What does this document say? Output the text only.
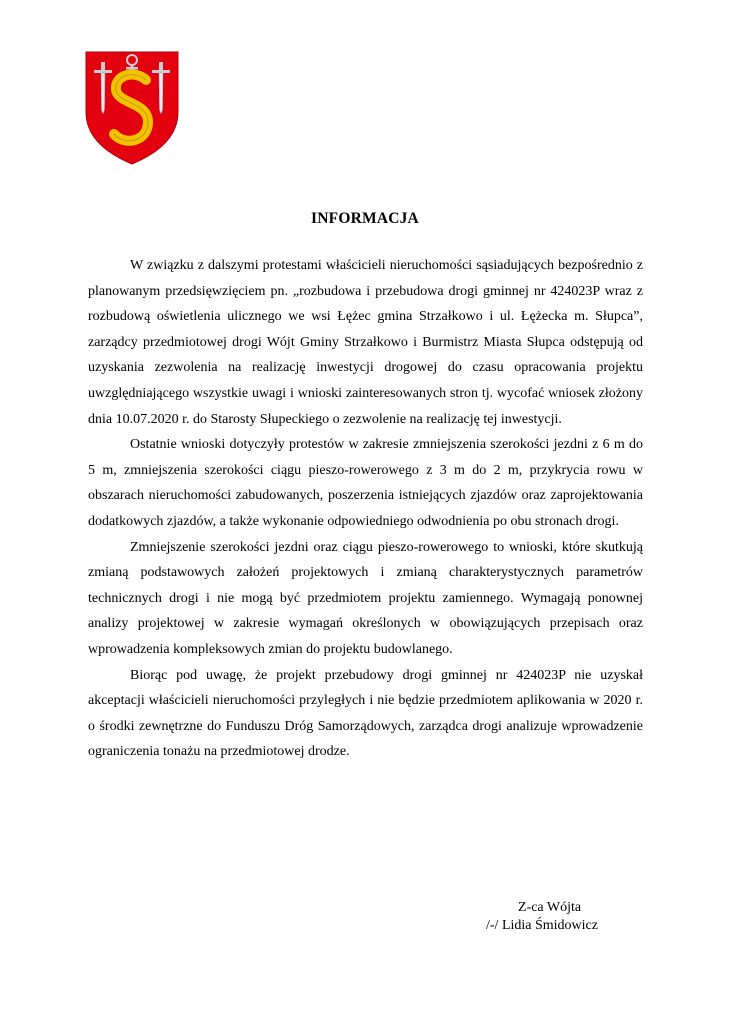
INFORMACJA

W związku z dalszymi protestami właścicieli nieruchomości sąsiadujących bezpośrednio z planowanym przedsięwzięciem pn. „rozbudowa i przebudowa drogi gminnej nr 424023P wraz z rozbudową oświetlenia ulicznego we wsi Łężec gmina Strzałkowo i ul. Łężecka m. Słupca”, zarządcy przedmiotowej drogi Wójt Gminy Strzałkowo i Burmistrz Miasta Słupca odstępują od uzyskania zezwolenia na realizację inwestycji drogowej do czasu opracowania projektu uwzględniającego wszystkie uwagi i wnioski zainteresowanych stron tj. wycofać wniosek złożony dnia 10.07.2020 r. do Starosty Słupeckiego o zezwolenie na realizację tej inwestycji.

Ostatnie wnioski dotyczyły protestów w zakresie zmniejszenia szerokości jezdni z 6 m do 5 m, zmniejszenia szerokości ciągu pieszo-rowerowego z 3 m do 2 m, przykrycia rowu w obszarach nieruchomości zabudowanych, poszerzenia istniejących zjazdów oraz zaprojektowania dodatkowych zjazdów, a także wykonanie odpowiedniego odwodnienia po obu stronach drogi.

Zmniejszenie szerokości jezdni oraz ciągu pieszo-rowerowego to wnioski, które skutkują zmianą podstawowych założeń projektowych i zmianą charakterystycznych parametrów technicznych drogi i nie mogą być przedmiotem projektu zamiennego. Wymagają ponownej analizy projektowej w zakresie wymagań określonych w obowiązujących przepisach oraz wprowadzenia kompleksowych zmian do projektu budowlanego.

Biorąc pod uwagę, że projekt przebudowy drogi gminnej nr 424023P nie uzyskał akceptacji właścicieli nieruchomości przyległych i nie będzie przedmiotem aplikowania w 2020 r. o środki zewnętrzne do Funduszu Dróg Samorządowych, zarządca drogi analizuje wprowadzenie ograniczenia tonażu na przedmiotowej drodze.

Z-ca Wójta
/-/ Lidia Śmidowicz
